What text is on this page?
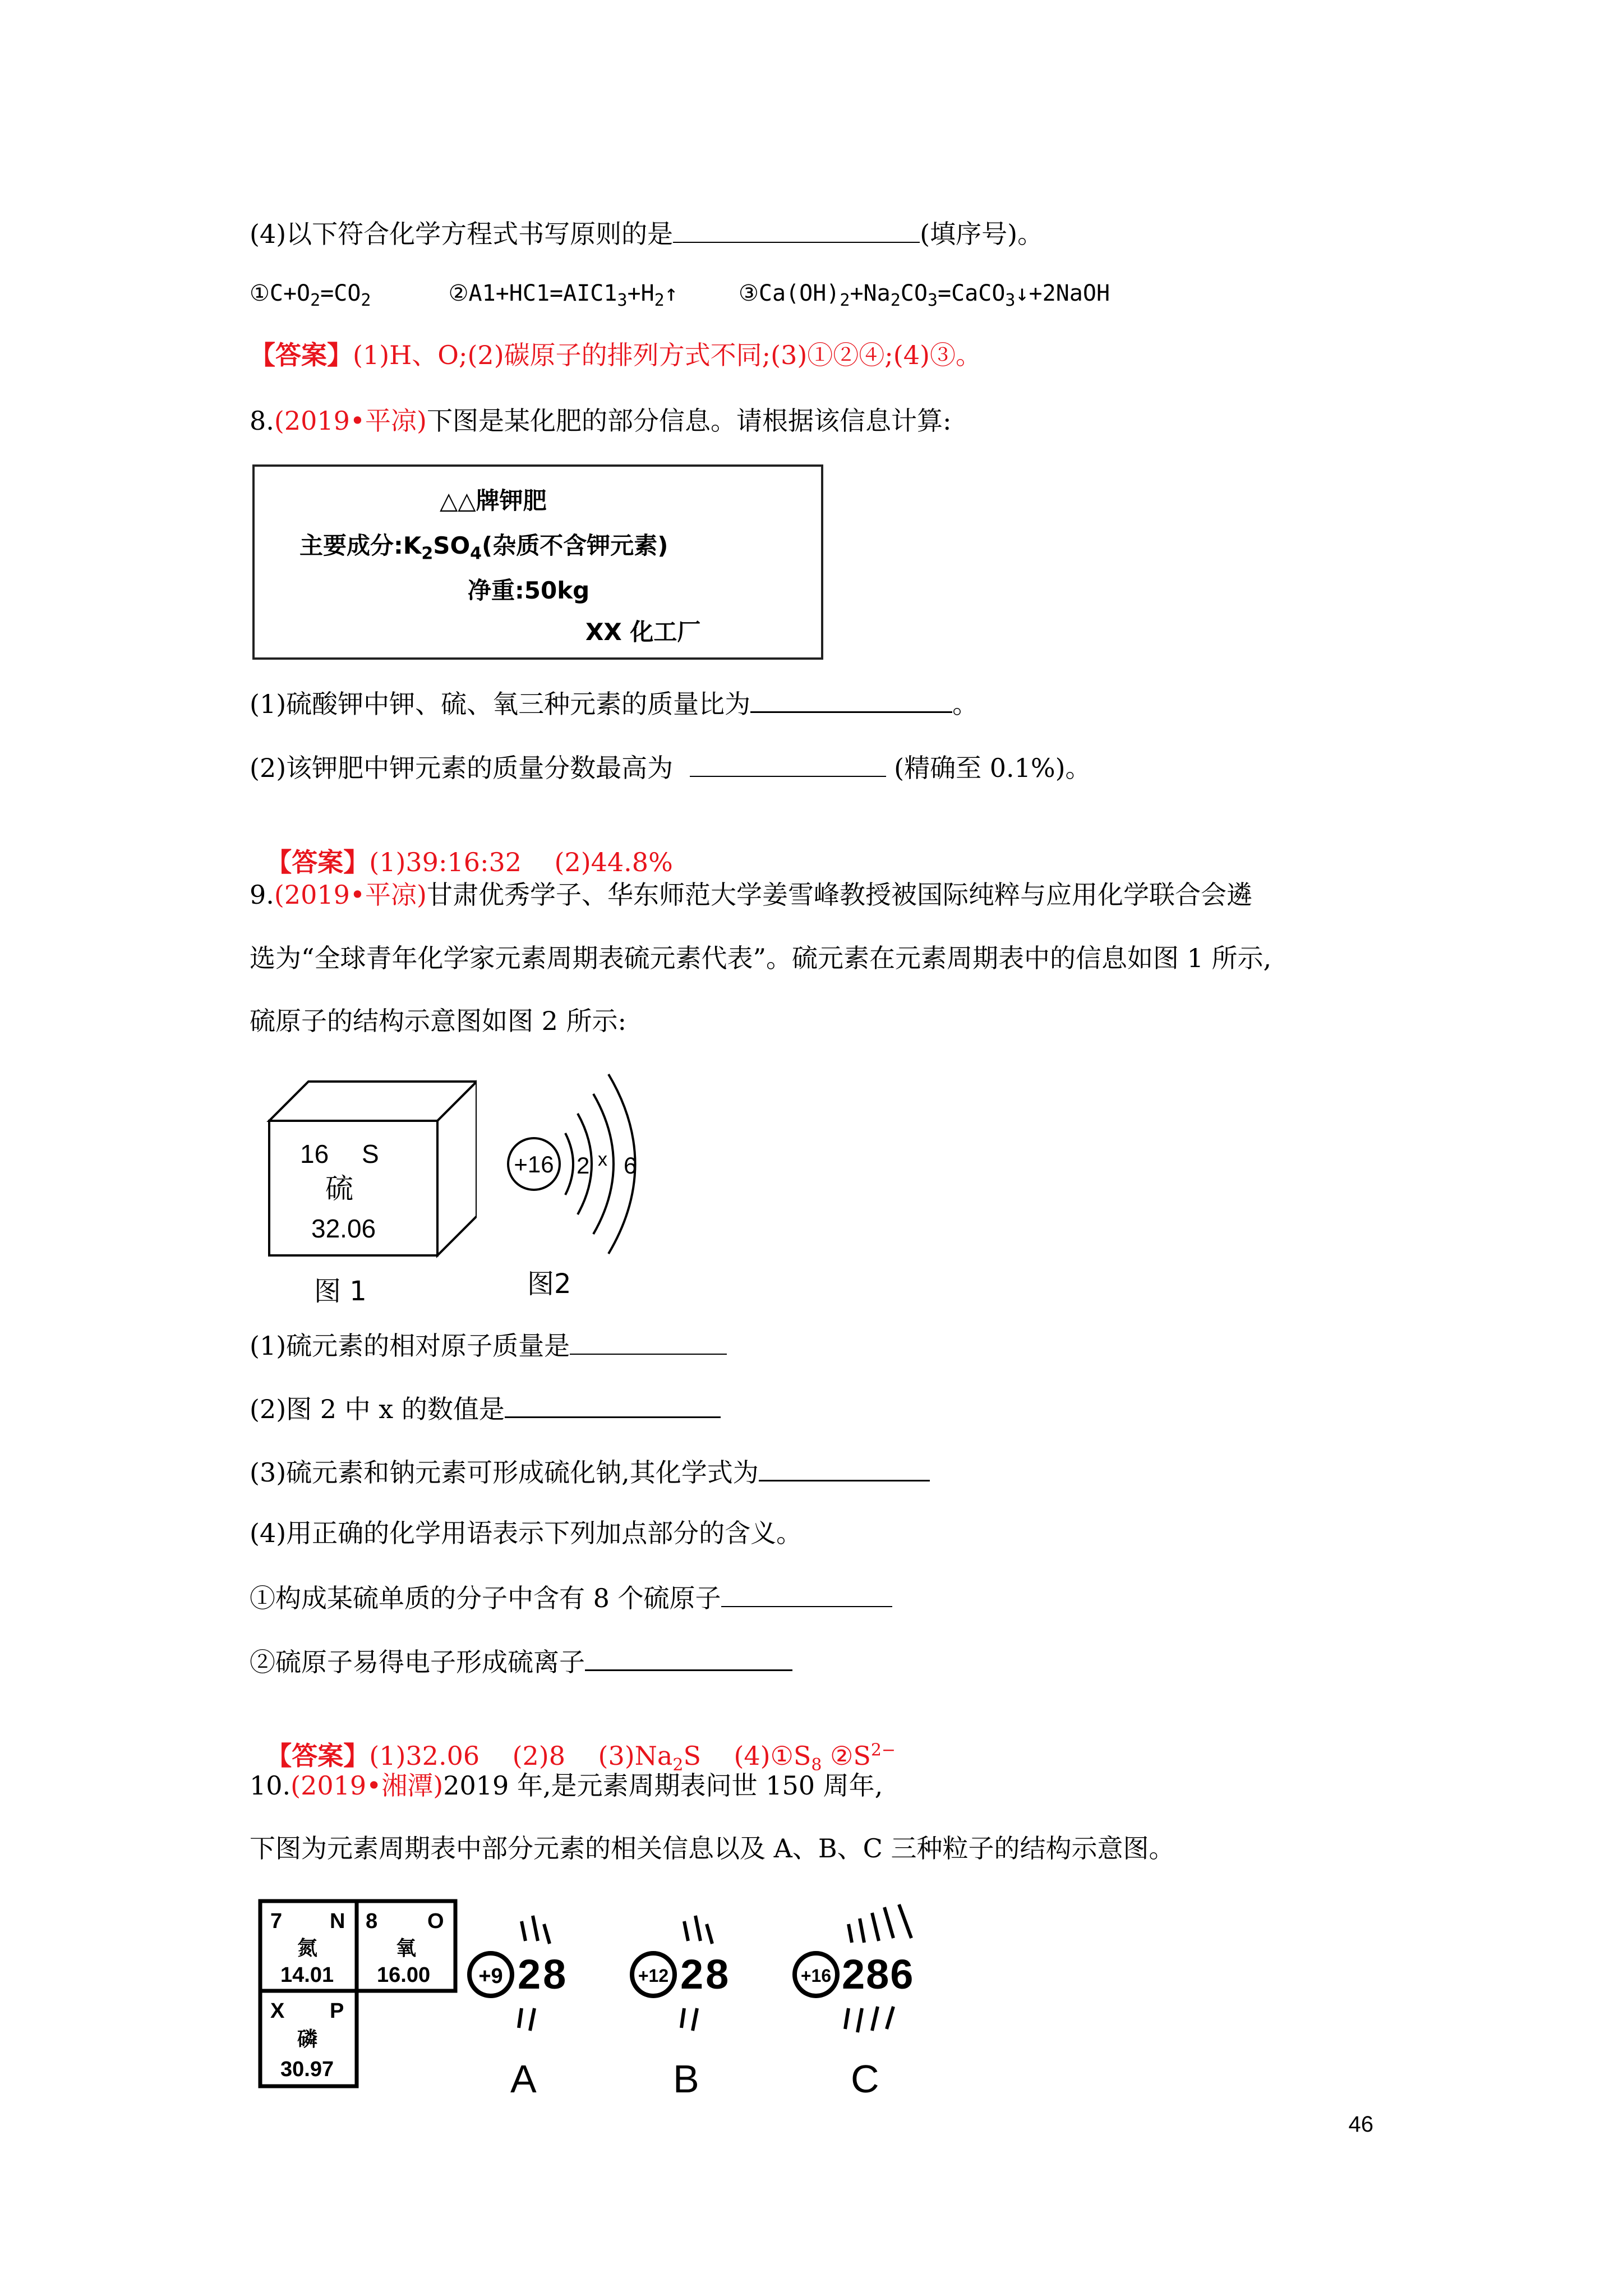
(4)以下符合化学方程式书写原则的是	(填序号)。
$①C+O_2=CO_2$	$②A1+HC1=AIC1_3+H_2↑$	$③Ca(OH)_2+Na_2CO_3=CaCO_3↓+2NaOH$
【答案】(1)H、O;(2)碳原子的排列方式不同;(3)①②④;(4)③。
8.(2019•平凉)下图是某化肥的部分信息。请根据该信息计算:
△△牌钾肥
主要成分$:K_2SO_4$(杂质不含钾元素)
净重:50kg
XX 化工厂
(1)硫酸钾中钾、硫、氧三种元素的质量比为	。
(2)该钾肥中钾元素的质量分数最高为	(精确至 0.1%)。

【答案】(1)39:16:32    (2)44.8%

9.(2019•平凉)甘肃优秀学子、华东师范大学姜雪峰教授被国际纯粹与应用化学联合会遴
选为“全球青年化学家元素周期表硫元素代表”。硫元素在元素周期表中的信息如图 1 所示,
硫原子的结构示意图如图 2 所示:
16 S
硫
32.06
图 1
+16 2 x 6
图2
(1)硫元素的相对原子质量是
(2)图 2 中 x 的数值是
(3)硫元素和钠元素可形成硫化钠,其化学式为
(4)用正确的化学用语表示下列加点部分的含义。
①构成某硫单质的分子中含有 8 个硫原子
②硫原子易得电子形成硫离子

【答案】(1)32.06    (2)8    $(3)Na_2S$    $(4)①S_8$ $②S^{2-}$

10.(2019•湘潭)2019 年,是元素周期表问世 150 周年,
下图为元素周期表中部分元素的相关信息以及 A、B、C 三种粒子的结构示意图。
7 N
氮
14.01
8 O
氧
16.00
X P
磷
30.97
+9 28
A
+12 28
B
+16 286
C
46
